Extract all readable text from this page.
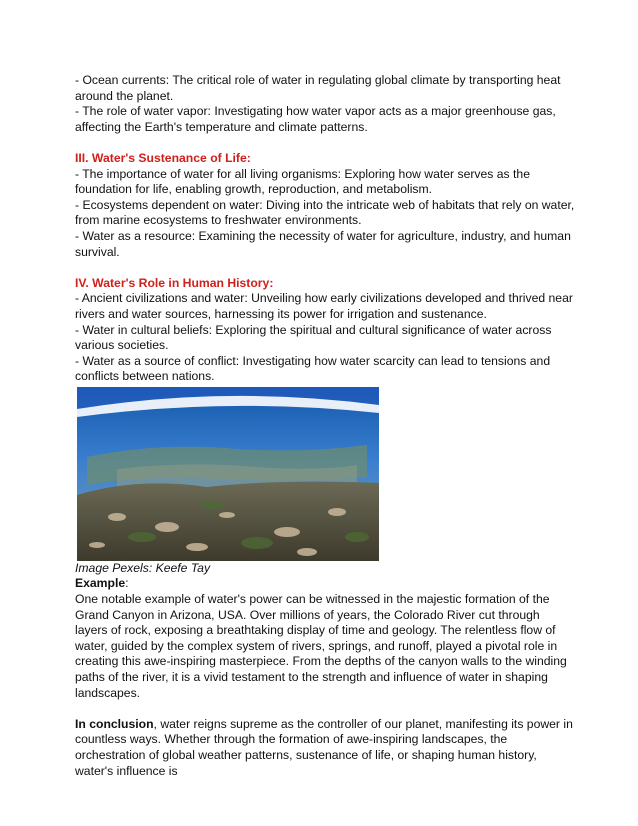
- Ocean currents: The critical role of water in regulating global climate by transporting heat around the planet.

- The role of water vapor: Investigating how water vapor acts as a major greenhouse gas, affecting the Earth's temperature and climate patterns.

III. Water's Sustenance of Life:

- The importance of water for all living organisms: Exploring how water serves as the foundation for life, enabling growth, reproduction, and metabolism.

- Ecosystems dependent on water: Diving into the intricate web of habitats that rely on water, from marine ecosystems to freshwater environments.

- Water as a resource: Examining the necessity of water for agriculture, industry, and human survival.

IV. Water's Role in Human History:

- Ancient civilizations and water: Unveiling how early civilizations developed and thrived near rivers and water sources, harnessing its power for irrigation and sustenance.

- Water in cultural beliefs: Exploring the spiritual and cultural significance of water across various societies.

- Water as a source of conflict: Investigating how water scarcity can lead to tensions and conflicts between nations.

Image Pexels: Keefe Tay

Example:

One notable example of water's power can be witnessed in the majestic formation of the Grand Canyon in Arizona, USA. Over millions of years, the Colorado River cut through layers of rock, exposing a breathtaking display of time and geology. The relentless flow of water, guided by the complex system of rivers, springs, and runoff, played a pivotal role in creating this awe-inspiring masterpiece. From the depths of the canyon walls to the winding paths of the river, it is a vivid testament to the strength and influence of water in shaping landscapes.

In conclusion, water reigns supreme as the controller of our planet, manifesting its power in countless ways. Whether through the formation of awe-inspiring landscapes, the orchestration of global weather patterns, sustenance of life, or shaping human history, water's influence is
